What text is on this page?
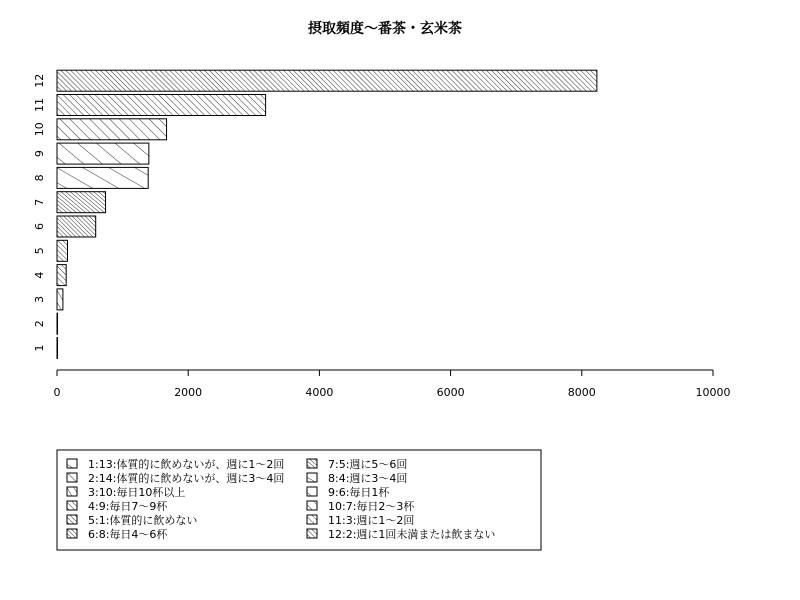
摂取頻度〜番茶・玄米茶
1
2
3
4
5
6
7
8
9
10
11
12
0	2000	4000	6000	8000	10000
1:13:体質的に飲めないが、週に1〜2回
2:14:体質的に飲めないが、週に3〜4回
3:10:毎日10杯以上
4:9:毎日7〜9杯
5:1:体質的に飲めない
6:8:毎日4〜6杯
7:5:週に5〜6回
8:4:週に3〜4回
9:6:毎日1杯
10:7:毎日2〜3杯
11:3:週に1〜2回
12:2:週に1回未満または飲まない
